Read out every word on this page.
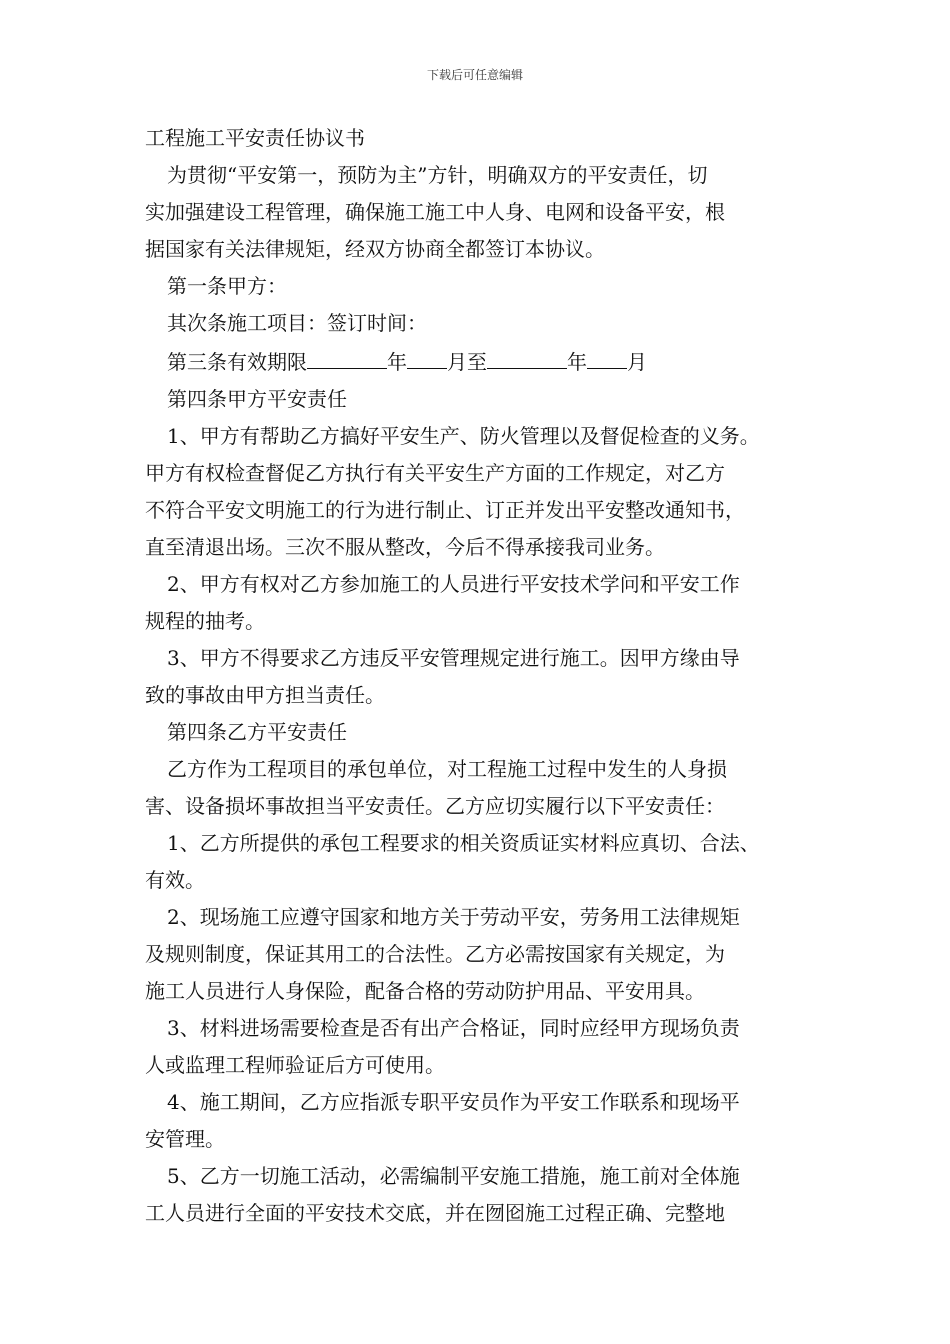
下载后可任意编辑

工程施工平安责任协议书

为贯彻“平安第一，预防为主”方针，明确双方的平安责任，切

实加强建设工程管理，确保施工施工中人身、电网和设备平安，根

据国家有关法律规矩，经双方协商全都签订本协议。

第一条甲方：

其次条施工项目：签订时间：

第三条有效期限	年 月至	年 月

第四条甲方平安责任

1、甲方有帮助乙方搞好平安生产、防火管理以及督促检查的义务。

甲方有权检查督促乙方执行有关平安生产方面的工作规定，对乙方

不符合平安文明施工的行为进行制止、订正并发出平安整改通知书，

直至清退出场。三次不服从整改，今后不得承接我司业务。

2、甲方有权对乙方参加施工的人员进行平安技术学问和平安工作

规程的抽考。

3、甲方不得要求乙方违反平安管理规定进行施工。因甲方缘由导

致的事故由甲方担当责任。

第四条乙方平安责任

乙方作为工程项目的承包单位，对工程施工过程中发生的人身损

害、设备损坏事故担当平安责任。乙方应切实履行以下平安责任：

1、乙方所提供的承包工程要求的相关资质证实材料应真切、合法、

有效。

2、现场施工应遵守国家和地方关于劳动平安，劳务用工法律规矩

及规则制度，保证其用工的合法性。乙方必需按国家有关规定，为

施工人员进行人身保险，配备合格的劳动防护用品、平安用具。

3、材料进场需要检查是否有出产合格证，同时应经甲方现场负责

人或监理工程师验证后方可使用。

4、施工期间，乙方应指派专职平安员作为平安工作联系和现场平

安管理。

5、乙方一切施工活动，必需编制平安施工措施，施工前对全体施

工人员进行全面的平安技术交底，并在囫囵施工过程正确、完整地
